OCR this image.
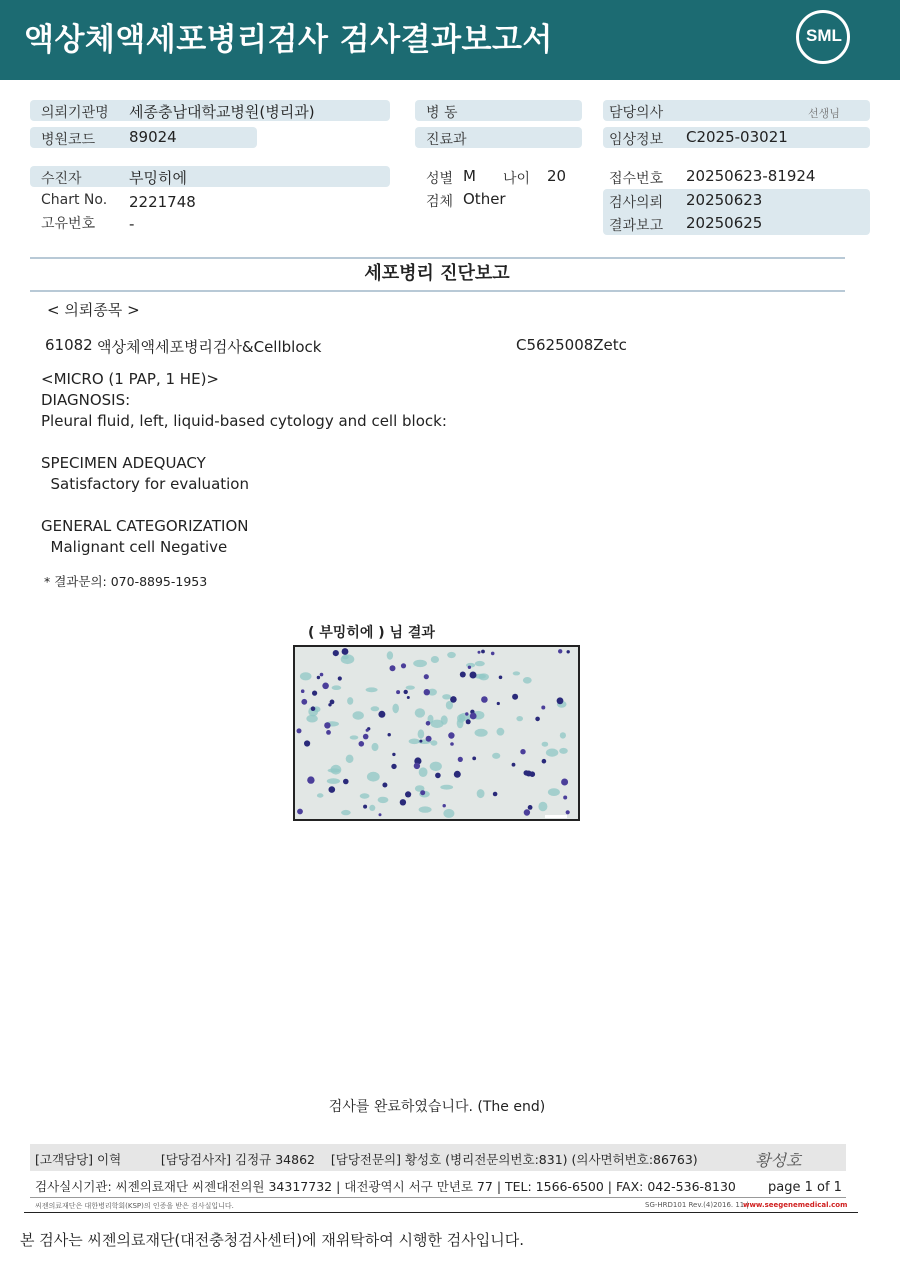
액상체액세포병리검사 검사결과보고서	SML
의뢰기관명 세종충남대학교병원(병리과)
병원코드 89024
수진자	부밍히에
Chart No. 2221748
고유번호 -
병 동
진료과
성별 M 나이 20
검체 Other
담당의사	선생님
임상정보 C2025-03021
접수번호 20250623-81924
검사의뢰 20250623
결과보고 20250625
세포병리 진단보고
< 의뢰종목 >
61082 액상체액세포병리검사&Cellblock	C5625008Zetc
<MICRO (1 PAP, 1 HE)>
DIAGNOSIS:
Pleural fluid, left, liquid-based cytology and cell block:
SPECIMEN ADEQUACY
Satisfactory for evaluation
GENERAL CATEGORIZATION
Malignant cell Negative
* 결과문의: 070-8895-1953
( 부밍히에 ) 님 결과
검사를 완료하였습니다. (The end)
[고객담당] 이혁          [담당검사자] 김정규 34862    [담당전문의] 황성호 (병리전문의번호:831) (의사면허번호:86763)	황성호
검사실시기관: 씨젠의료재단 씨젠대전의원 34317732 | 대전광역시 서구 만년로 77 | TEL: 1566-6500 | FAX: 042-536-8130 page 1 of 1
씨젠의료재단은 대한병리학회(KSP)의 인증을 받은 검사실입니다.	SG-HRD101 Rev.(4)2016. 11 |
www.seegenemedical.com
본 검사는 씨젠의료재단(대전충청검사센터)에 재위탁하여 시행한 검사입니다.
